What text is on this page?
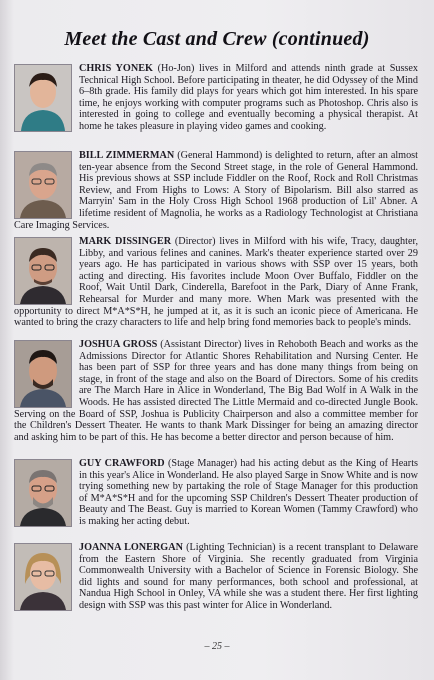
Meet the Cast and Crew (continued)

CHRIS YONEK (Ho-Jon) lives in Milford and attends ninth grade at Sussex Technical High School. Before participating in theater, he did Odyssey of the Mind 6–8th grade. His family did plays for years which got him interested. In his spare time, he enjoys working with computer programs such as Photoshop. Chris also is interested in going to college and eventually becoming a physical therapist. At home he takes pleasure in playing video games and cooking.

BILL ZIMMERMAN (General Hammond) is delighted to return, after an almost ten-year absence from the Second Street stage, in the role of General Hammond. His previous shows at SSP include Fiddler on the Roof, Rock and Roll Christmas Review, and From Highs to Lows: A Story of Bipolarism. Bill also starred as Marryin' Sam in the Holy Cross High School 1968 production of Lil' Abner. A lifetime resident of Magnolia, he works as a Radiology Technologist at Christiana Care Imaging Services.

MARK DISSINGER (Director) lives in Milford with his wife, Tracy, daughter, Libby, and various felines and canines. Mark's theater experience started over 29 years ago. He has participated in various shows with SSP over 15 years, both acting and directing. His favorites include Moon Over Buffalo, Fiddler on the Roof, Wait Until Dark, Cinderella, Barefoot in the Park, Diary of Anne Frank, Rehearsal for Murder and many more. When Mark was presented with the opportunity to direct M*A*S*H, he jumped at it, as it is such an iconic piece of Americana. He wanted to bring the crazy characters to life and help bring fond memories back to people's minds.

JOSHUA GROSS (Assistant Director) lives in Rehoboth Beach and works as the Admissions Director for Atlantic Shores Rehabilitation and Nursing Center. He has been part of SSP for three years and has done many things from being on stage, in front of the stage and also on the Board of Directors. Some of his credits are The March Hare in Alice in Wonderland, The Big Bad Wolf in A Walk in the Woods. He has assisted directed The Little Mermaid and co-directed Jungle Book. Serving on the Board of SSP, Joshua is Publicity Chairperson and also a committee member for the Children's Dessert Theater. He wants to thank Mark Dissinger for being an amazing director and asking him to be part of this. He has become a better director and person because of him.

GUY CRAWFORD (Stage Manager) had his acting debut as the King of Hearts in this year's Alice in Wonderland. He also played Sarge in Snow White and is now trying something new by partaking the role of Stage Manager for this production of M*A*S*H and for the upcoming SSP Children's Dessert Theater production of Beauty and The Beast. Guy is married to Korean Women (Tammy Crawford) who is making her acting debut.

JOANNA LONERGAN (Lighting Technician) is a recent transplant to Delaware from the Eastern Shore of Virginia. She recently graduated from Virginia Commonwealth University with a Bachelor of Science in Forensic Biology. She did lights and sound for many performances, both school and professional, at Nandua High School in Onley, VA while she was a student there. Her first lighting design with SSP was this past winter for Alice in Wonderland.

– 25 –
